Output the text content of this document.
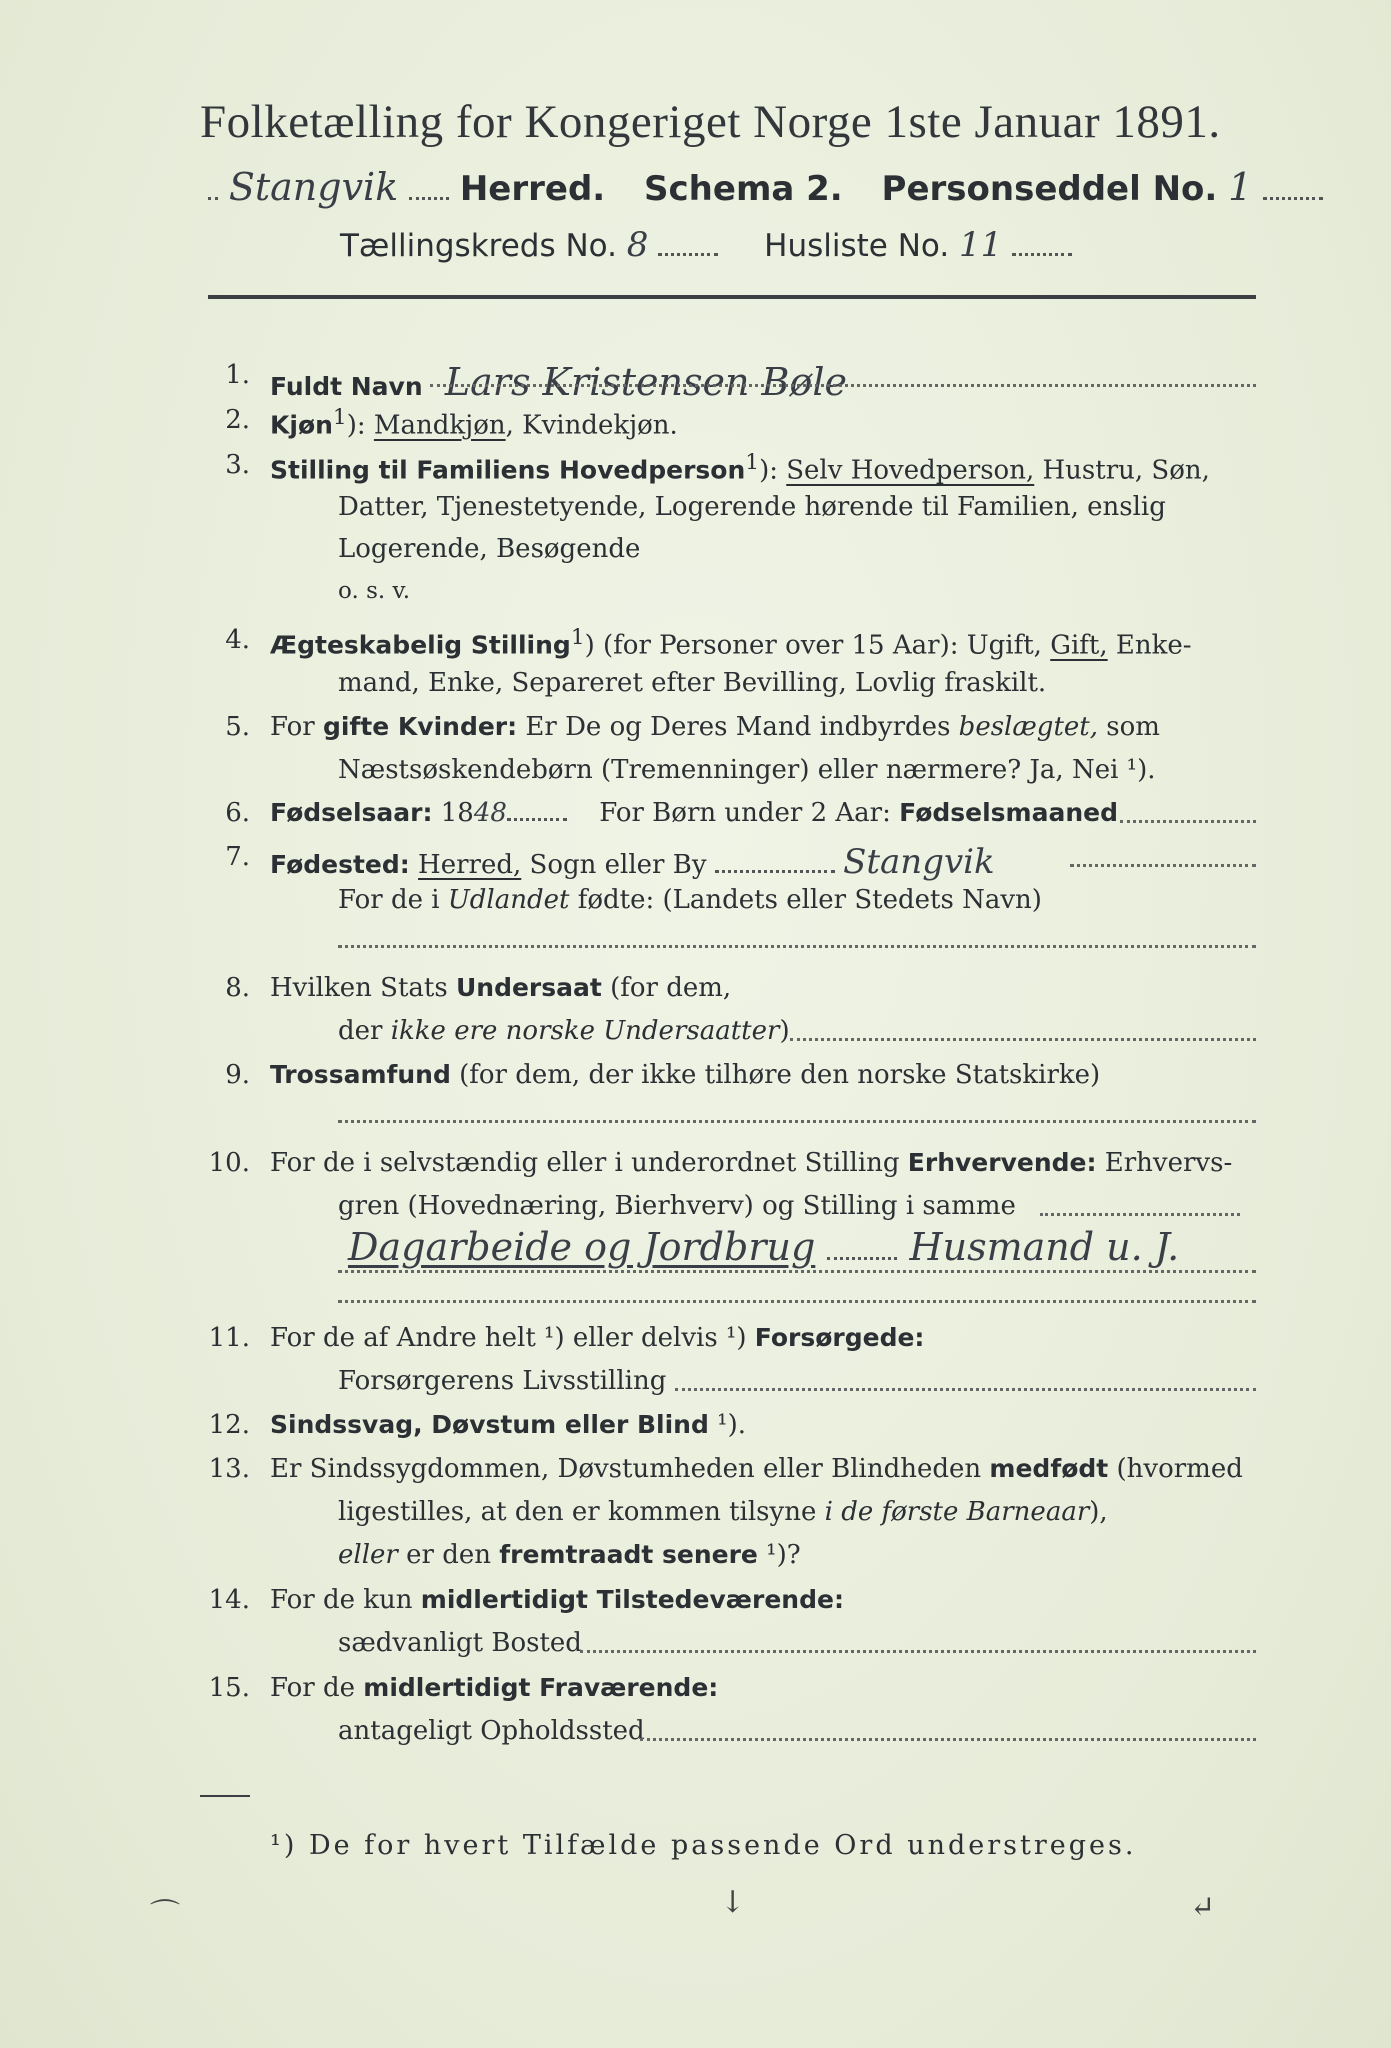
Folketælling for Kongeriget Norge 1ste Januar 1891.
Stangvik Herred. Schema 2. Personseddel No. 1
Tællingskreds No. 8	Husliste No. 11
1. Fuldt Navn Lars Kristensen Bøle
2. Kjøn$^1$): Mandkjøn, Kvindekjøn.
3. Stilling til Familiens Hovedperson$^1$): Selv Hovedperson, Hustru, Søn,
Datter, Tjenestetyende, Logerende hørende til Familien, enslig
Logerende, Besøgende
o. s. v.
4. Ægteskabelig Stilling$^1$) (for Personer over 15 Aar): Ugift, Gift, Enke-
mand, Enke, Separeret efter Bevilling, Lovlig fraskilt.
5. For gifte Kvinder: Er De og Deres Mand indbyrdes beslægtet, som
Næstsøskendebørn (Tremenninger) eller nærmere? Ja, Nei ¹).
6. Fødselsaar: 1848	For Børn under 2 Aar: Fødselsmaaned
7. Fødested: Herred, Sogn eller By	Stangvik
For de i Udlandet fødte: (Landets eller Stedets Navn)
8. Hvilken Stats Undersaat (for dem,
der ikke ere norske Undersaatter)
9. Trossamfund (for dem, der ikke tilhøre den norske Statskirke)
10. For de i selvstændig eller i underordnet Stilling Erhvervende: Erhvervs-
gren (Hovednæring, Bierhverv) og Stilling i samme
Dagarbeide og Jordbrug Husmand u. J.
11. For de af Andre helt ¹) eller delvis ¹) Forsørgede:
Forsørgerens Livsstilling
12. Sindssvag, Døvstum eller Blind ¹).
13. Er Sindssygdommen, Døvstumheden eller Blindheden medfødt (hvormed
ligestilles, at den er kommen tilsyne i de første Barneaar),
eller er den fremtraadt senere ¹)?
14. For de kun midlertidigt Tilstedeværende:
sædvanligt Bosted
15. For de midlertidigt Fraværende:
antageligt Opholdssted
¹) De for hvert Tilfælde passende Ord understreges.
⌒	↓	↵
